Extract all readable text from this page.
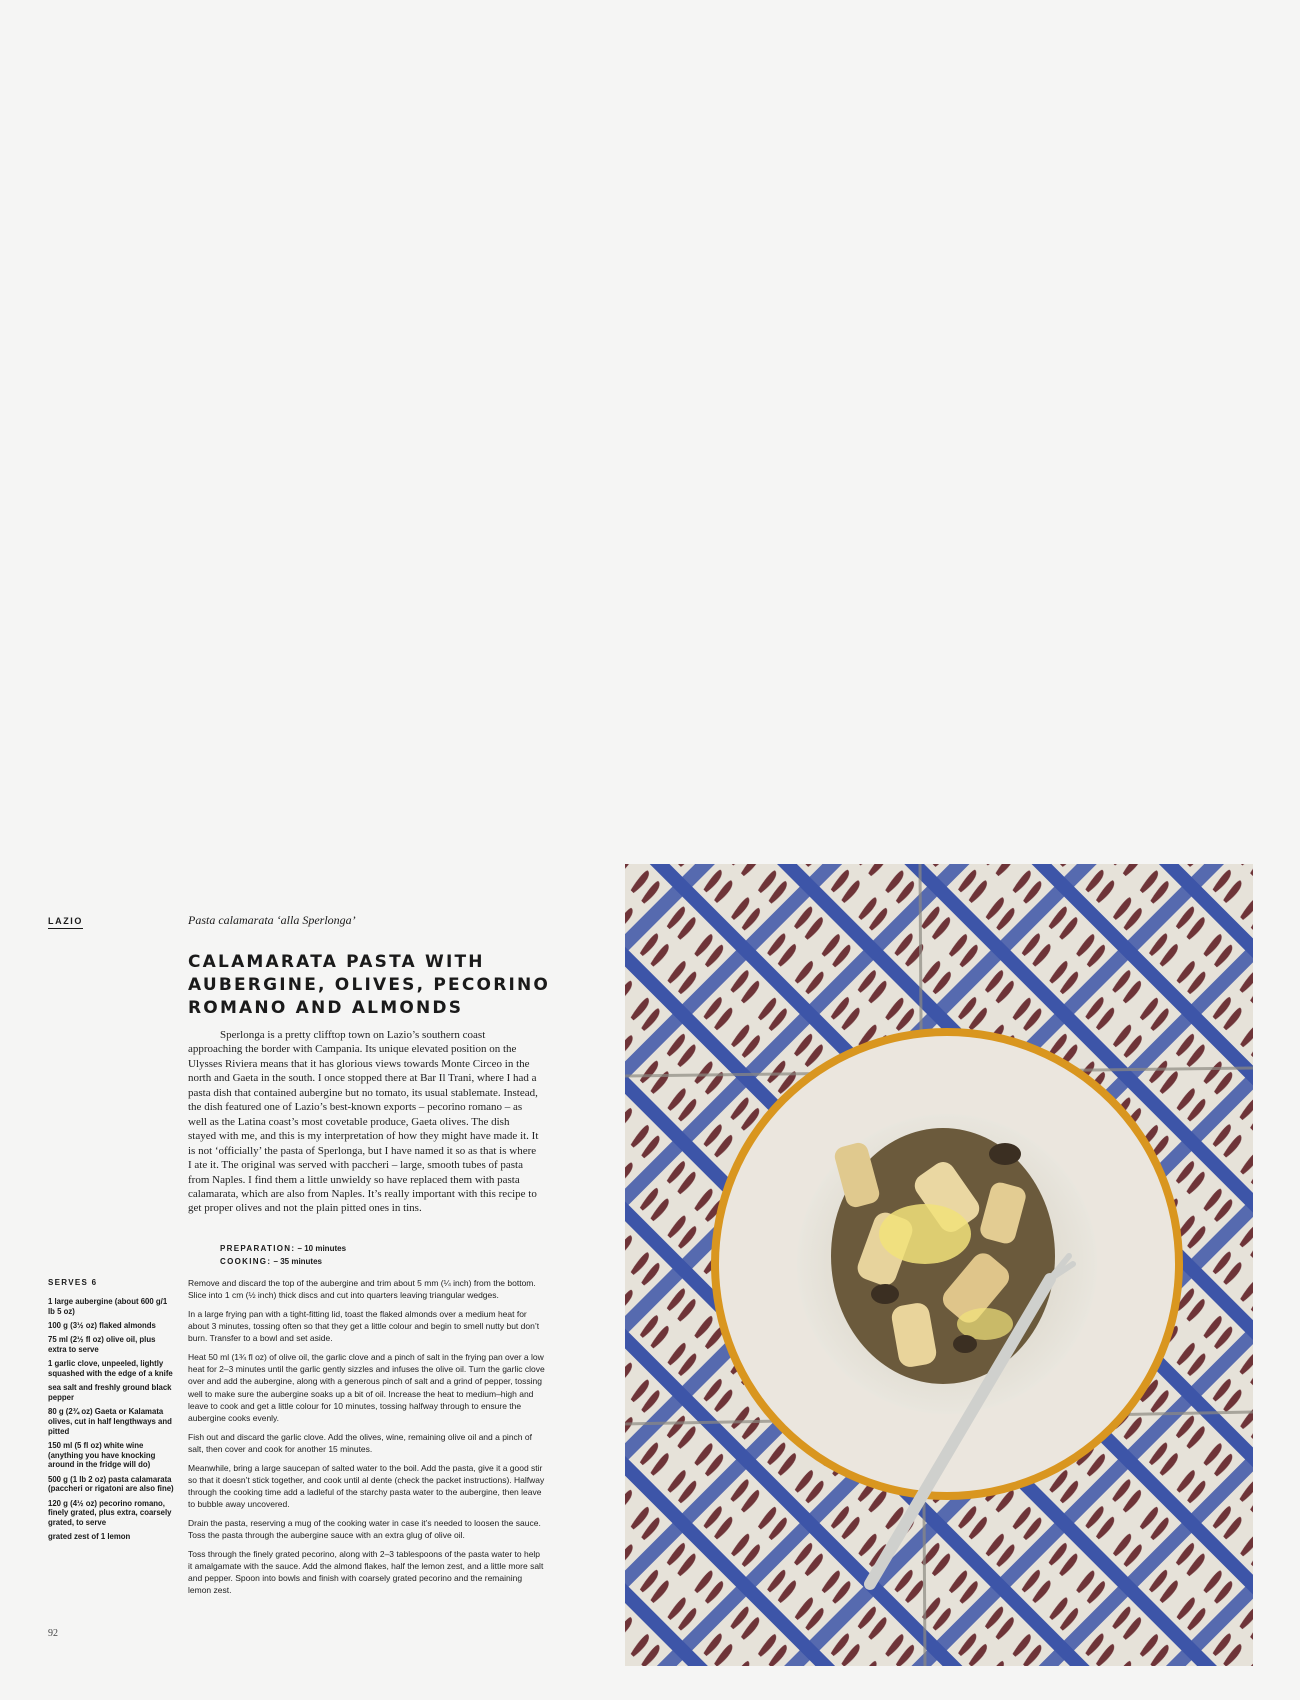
LAZIO	Pasta calamarata ‘alla Sperlonga’
CALAMARATA PASTA WITH AUBERGINE, OLIVES, PECORINO ROMANO AND ALMONDS

Sperlonga is a pretty clifftop town on Lazio’s southern coast approaching the border with Campania. Its unique elevated position on the Ulysses Riviera means that it has glorious views towards Monte Circeo in the north and Gaeta in the south. I once stopped there at Bar Il Trani, where I had a pasta dish that contained aubergine but no tomato, its usual stablemate. Instead, the dish featured one of Lazio’s best-known exports – pecorino romano – as well as the Latina coast’s most covetable produce, Gaeta olives. The dish stayed with me, and this is my interpretation of how they might have made it. It is not ‘officially’ the pasta of Sperlonga, but I have named it so as that is where I ate it. The original was served with paccheri – large, smooth tubes of pasta from Naples. I find them a little unwieldy so have replaced them with pasta calamarata, which are also from Naples. It’s really important with this recipe to get proper olives and not the plain pitted ones in tins.

PREPARATION: – 10 minutes
COOKING: – 35 minutes
SERVES 6
1 large aubergine (about 600 g/1 lb 5 oz)
100 g (3½ oz) flaked almonds
75 ml (2½ fl oz) olive oil, plus extra to serve
1 garlic clove, unpeeled, lightly squashed with the edge of a knife
sea salt and freshly ground black pepper
80 g (2¾ oz) Gaeta or Kalamata olives, cut in half lengthways and pitted
150 ml (5 fl oz) white wine (anything you have knocking around in the fridge will do)
500 g (1 lb 2 oz) pasta calamarata (paccheri or rigatoni are also fine)
120 g (4½ oz) pecorino romano, finely grated, plus extra, coarsely grated, to serve
grated zest of 1 lemon

Remove and discard the top of the aubergine and trim about 5 mm (¼ inch) from the bottom. Slice into 1 cm (½ inch) thick discs and cut into quarters leaving triangular wedges.

In a large frying pan with a tight-fitting lid, toast the flaked almonds over a medium heat for about 3 minutes, tossing often so that they get a little colour and begin to smell nutty but don’t burn. Transfer to a bowl and set aside.

Heat 50 ml (1¾ fl oz) of olive oil, the garlic clove and a pinch of salt in the frying pan over a low heat for 2–3 minutes until the garlic gently sizzles and infuses the olive oil. Turn the garlic clove over and add the aubergine, along with a generous pinch of salt and a grind of pepper, tossing well to make sure the aubergine soaks up a bit of oil. Increase the heat to medium–high and leave to cook and get a little colour for 10 minutes, tossing halfway through to ensure the aubergine cooks evenly.

Fish out and discard the garlic clove. Add the olives, wine, remaining olive oil and a pinch of salt, then cover and cook for another 15 minutes.

Meanwhile, bring a large saucepan of salted water to the boil. Add the pasta, give it a good stir so that it doesn’t stick together, and cook until al dente (check the packet instructions). Halfway through the cooking time add a ladleful of the starchy pasta water to the aubergine, then leave to bubble away uncovered.

Drain the pasta, reserving a mug of the cooking water in case it’s needed to loosen the sauce. Toss the pasta through the aubergine sauce with an extra glug of olive oil.

Toss through the finely grated pecorino, along with 2–3 tablespoons of the pasta water to help it amalgamate with the sauce. Add the almond flakes, half the lemon zest, and a little more salt and pepper. Spoon into bowls and finish with coarsely grated pecorino and the remaining lemon zest.

92
